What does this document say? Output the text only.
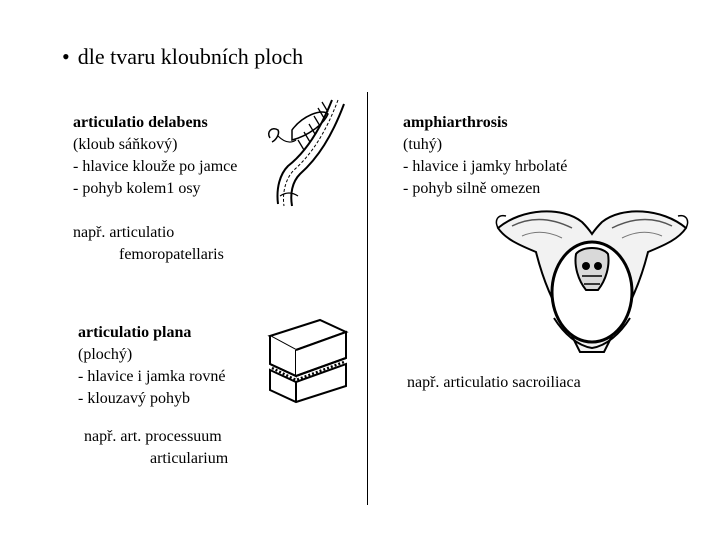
• dle tvaru kloubních ploch
articulatio delabens
(kloub sáňkový)
- hlavice klouže po jamce
- pohyb kolem1 osy
např. articulatio
femoropatellaris
articulatio plana
(plochý)
- hlavice i jamka rovné
- klouzavý pohyb
např. art. processuum
articularium
amphiarthrosis
(tuhý)
- hlavice i jamky hrbolaté
- pohyb silně omezen
např. articulatio sacroiliaca
